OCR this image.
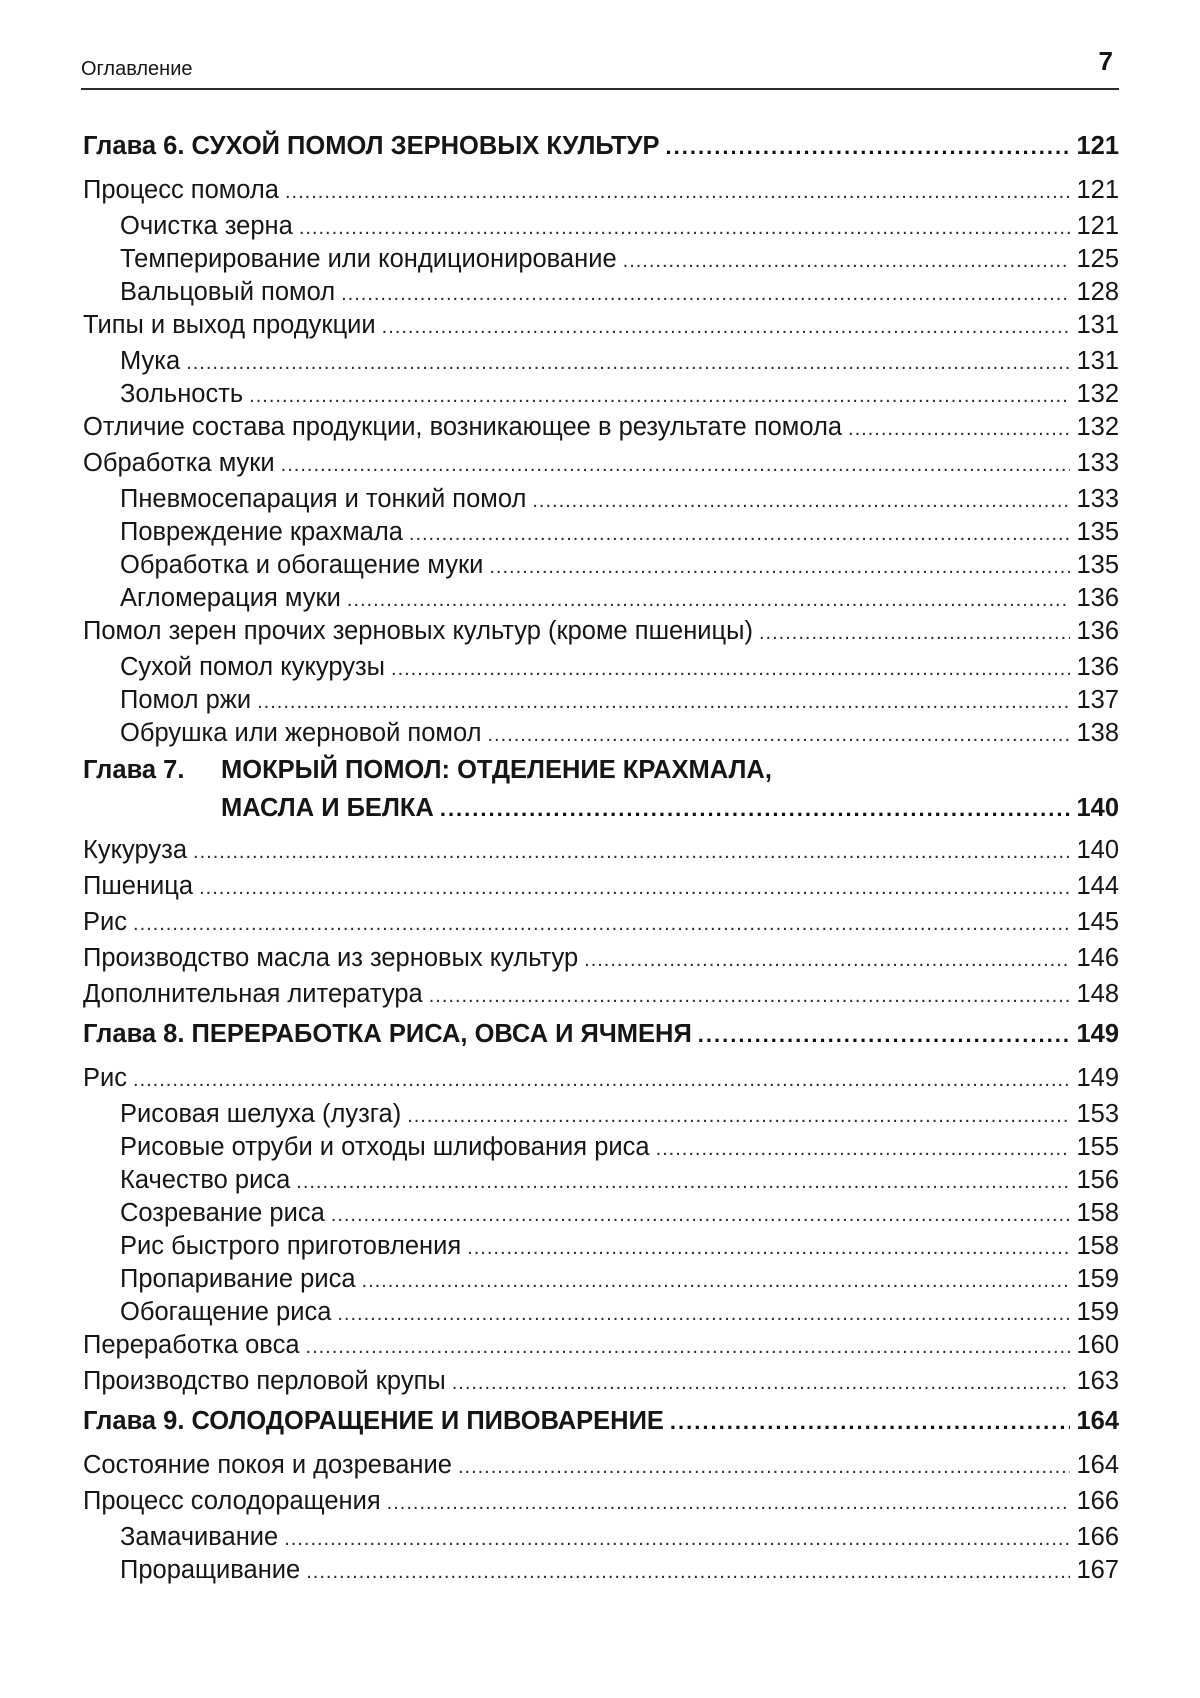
Оглавление	7
Глава 6. СУХОЙ ПОМОЛ ЗЕРНОВЫХ КУЛЬТУР .....	121
Процесс помола .....	121
Очистка зерна .....	121
Темперирование или кондиционирование .....	125
Вальцовый помол .....	128
Типы и выход продукции .....	131
Мука .....	131
Зольность .....	132
Отличие состава продукции, возникающее в результате помола .....	132
Обработка муки .....	133
Пневмосепарация и тонкий помол .....	133
Повреждение крахмала .....	135
Обработка и обогащение муки .....	135
Агломерация муки .....	136
Помол зерен прочих зерновых культур (кроме пшеницы) .....	136
Сухой помол кукурузы .....	136
Помол ржи .....	137
Обрушка или жерновой помол .....	138
Глава 7. МОКРЫЙ ПОМОЛ: ОТДЕЛЕНИЕ КРАХМАЛА,
МАСЛА И БЕЛКА .....	140
Кукуруза .....	140
Пшеница .....	144
Рис .....	145
Производство масла из зерновых культур .....	146
Дополнительная литература .....	148
Глава 8. ПЕРЕРАБОТКА РИСА, ОВСА И ЯЧМЕНЯ .....	149
Рис .....	149
Рисовая шелуха (лузга) .....	153
Рисовые отруби и отходы шлифования риса .....	155
Качество риса .....	156
Созревание риса .....	158
Рис быстрого приготовления .....	158
Пропаривание риса .....	159
Обогащение риса .....	159
Переработка овса .....	160
Производство перловой крупы .....	163
Глава 9. СОЛОДОРАЩЕНИЕ И ПИВОВАРЕНИЕ .....	164
Состояние покоя и дозревание .....	164
Процесс солодоращения .....	166
Замачивание .....	166
Проращивание .....	167
